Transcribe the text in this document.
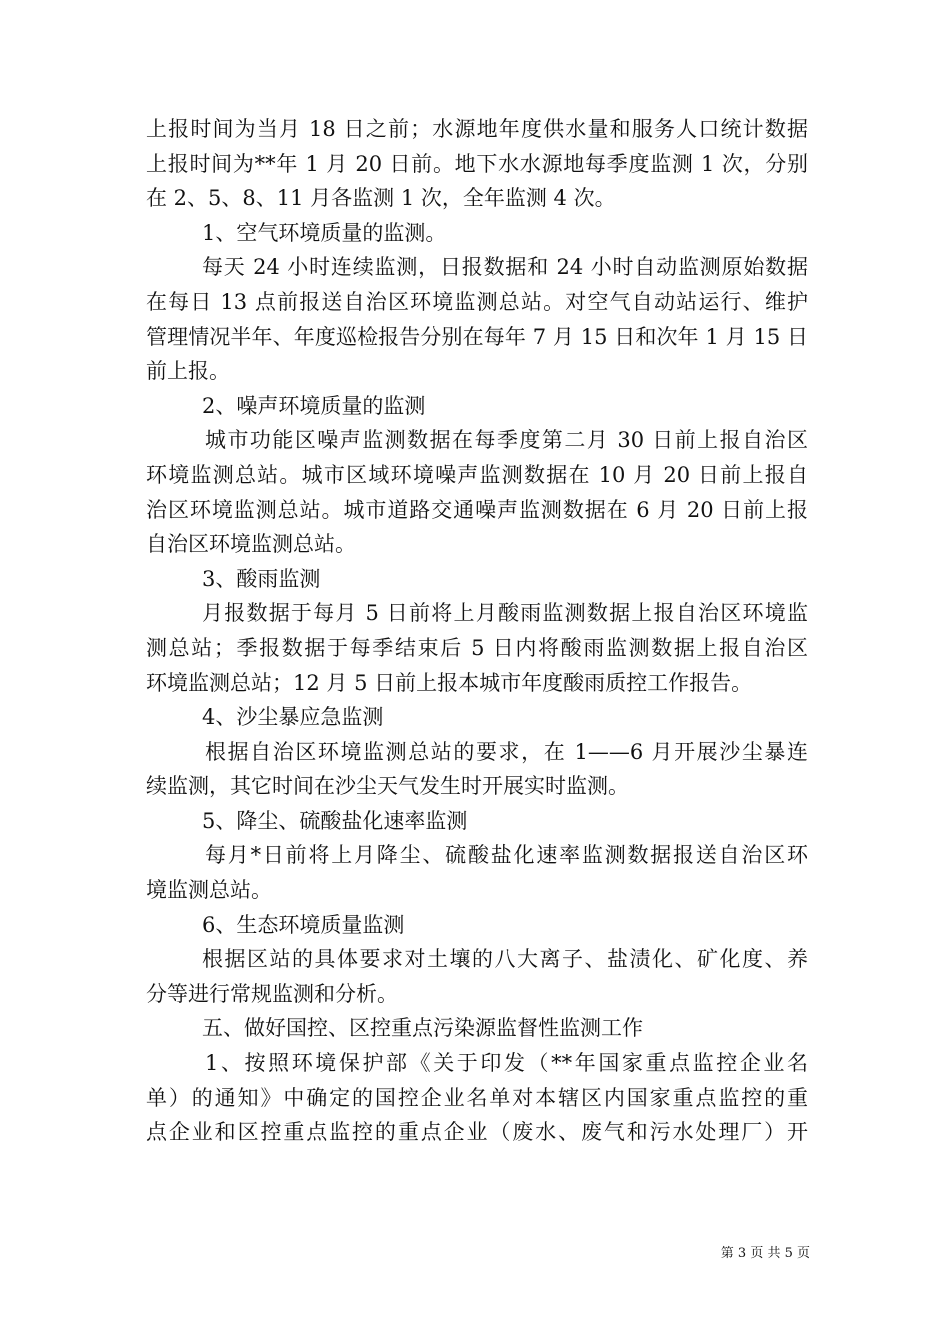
上报时间为当月 18 日之前；水源地年度供水量和服务人口统计数据
上报时间为**年 1 月 20 日前。地下水水源地每季度监测 1 次，分别
在 2、5、8、11 月各监测 1 次，全年监测 4 次。
1、空气环境质量的监测。
每天 24 小时连续监测，日报数据和 24 小时自动监测原始数据
在每日 13 点前报送自治区环境监测总站。对空气自动站运行、维护
管理情况半年、年度巡检报告分别在每年 7 月 15 日和次年 1 月 15 日
前上报。
2、噪声环境质量的监测
城市功能区噪声监测数据在每季度第二月 30 日前上报自治区
环境监测总站。城市区域环境噪声监测数据在 10 月 20 日前上报自
治区环境监测总站。城市道路交通噪声监测数据在 6 月 20 日前上报
自治区环境监测总站。
3、酸雨监测
月报数据于每月 5 日前将上月酸雨监测数据上报自治区环境监
测总站；季报数据于每季结束后 5 日内将酸雨监测数据上报自治区
环境监测总站；12 月 5 日前上报本城市年度酸雨质控工作报告。
4、沙尘暴应急监测
根据自治区环境监测总站的要求，在 1——6 月开展沙尘暴连
续监测，其它时间在沙尘天气发生时开展实时监测。
5、降尘、硫酸盐化速率监测
每月*日前将上月降尘、硫酸盐化速率监测数据报送自治区环
境监测总站。
6、生态环境质量监测
根据区站的具体要求对土壤的八大离子、盐渍化、矿化度、养
分等进行常规监测和分析。
五、做好国控、区控重点污染源监督性监测工作
1、按照环境保护部《关于印发（**年国家重点监控企业名
单）的通知》中确定的国控企业名单对本辖区内国家重点监控的重
点企业和区控重点监控的重点企业（废水、废气和污水处理厂）开
第 3 页 共 5 页
